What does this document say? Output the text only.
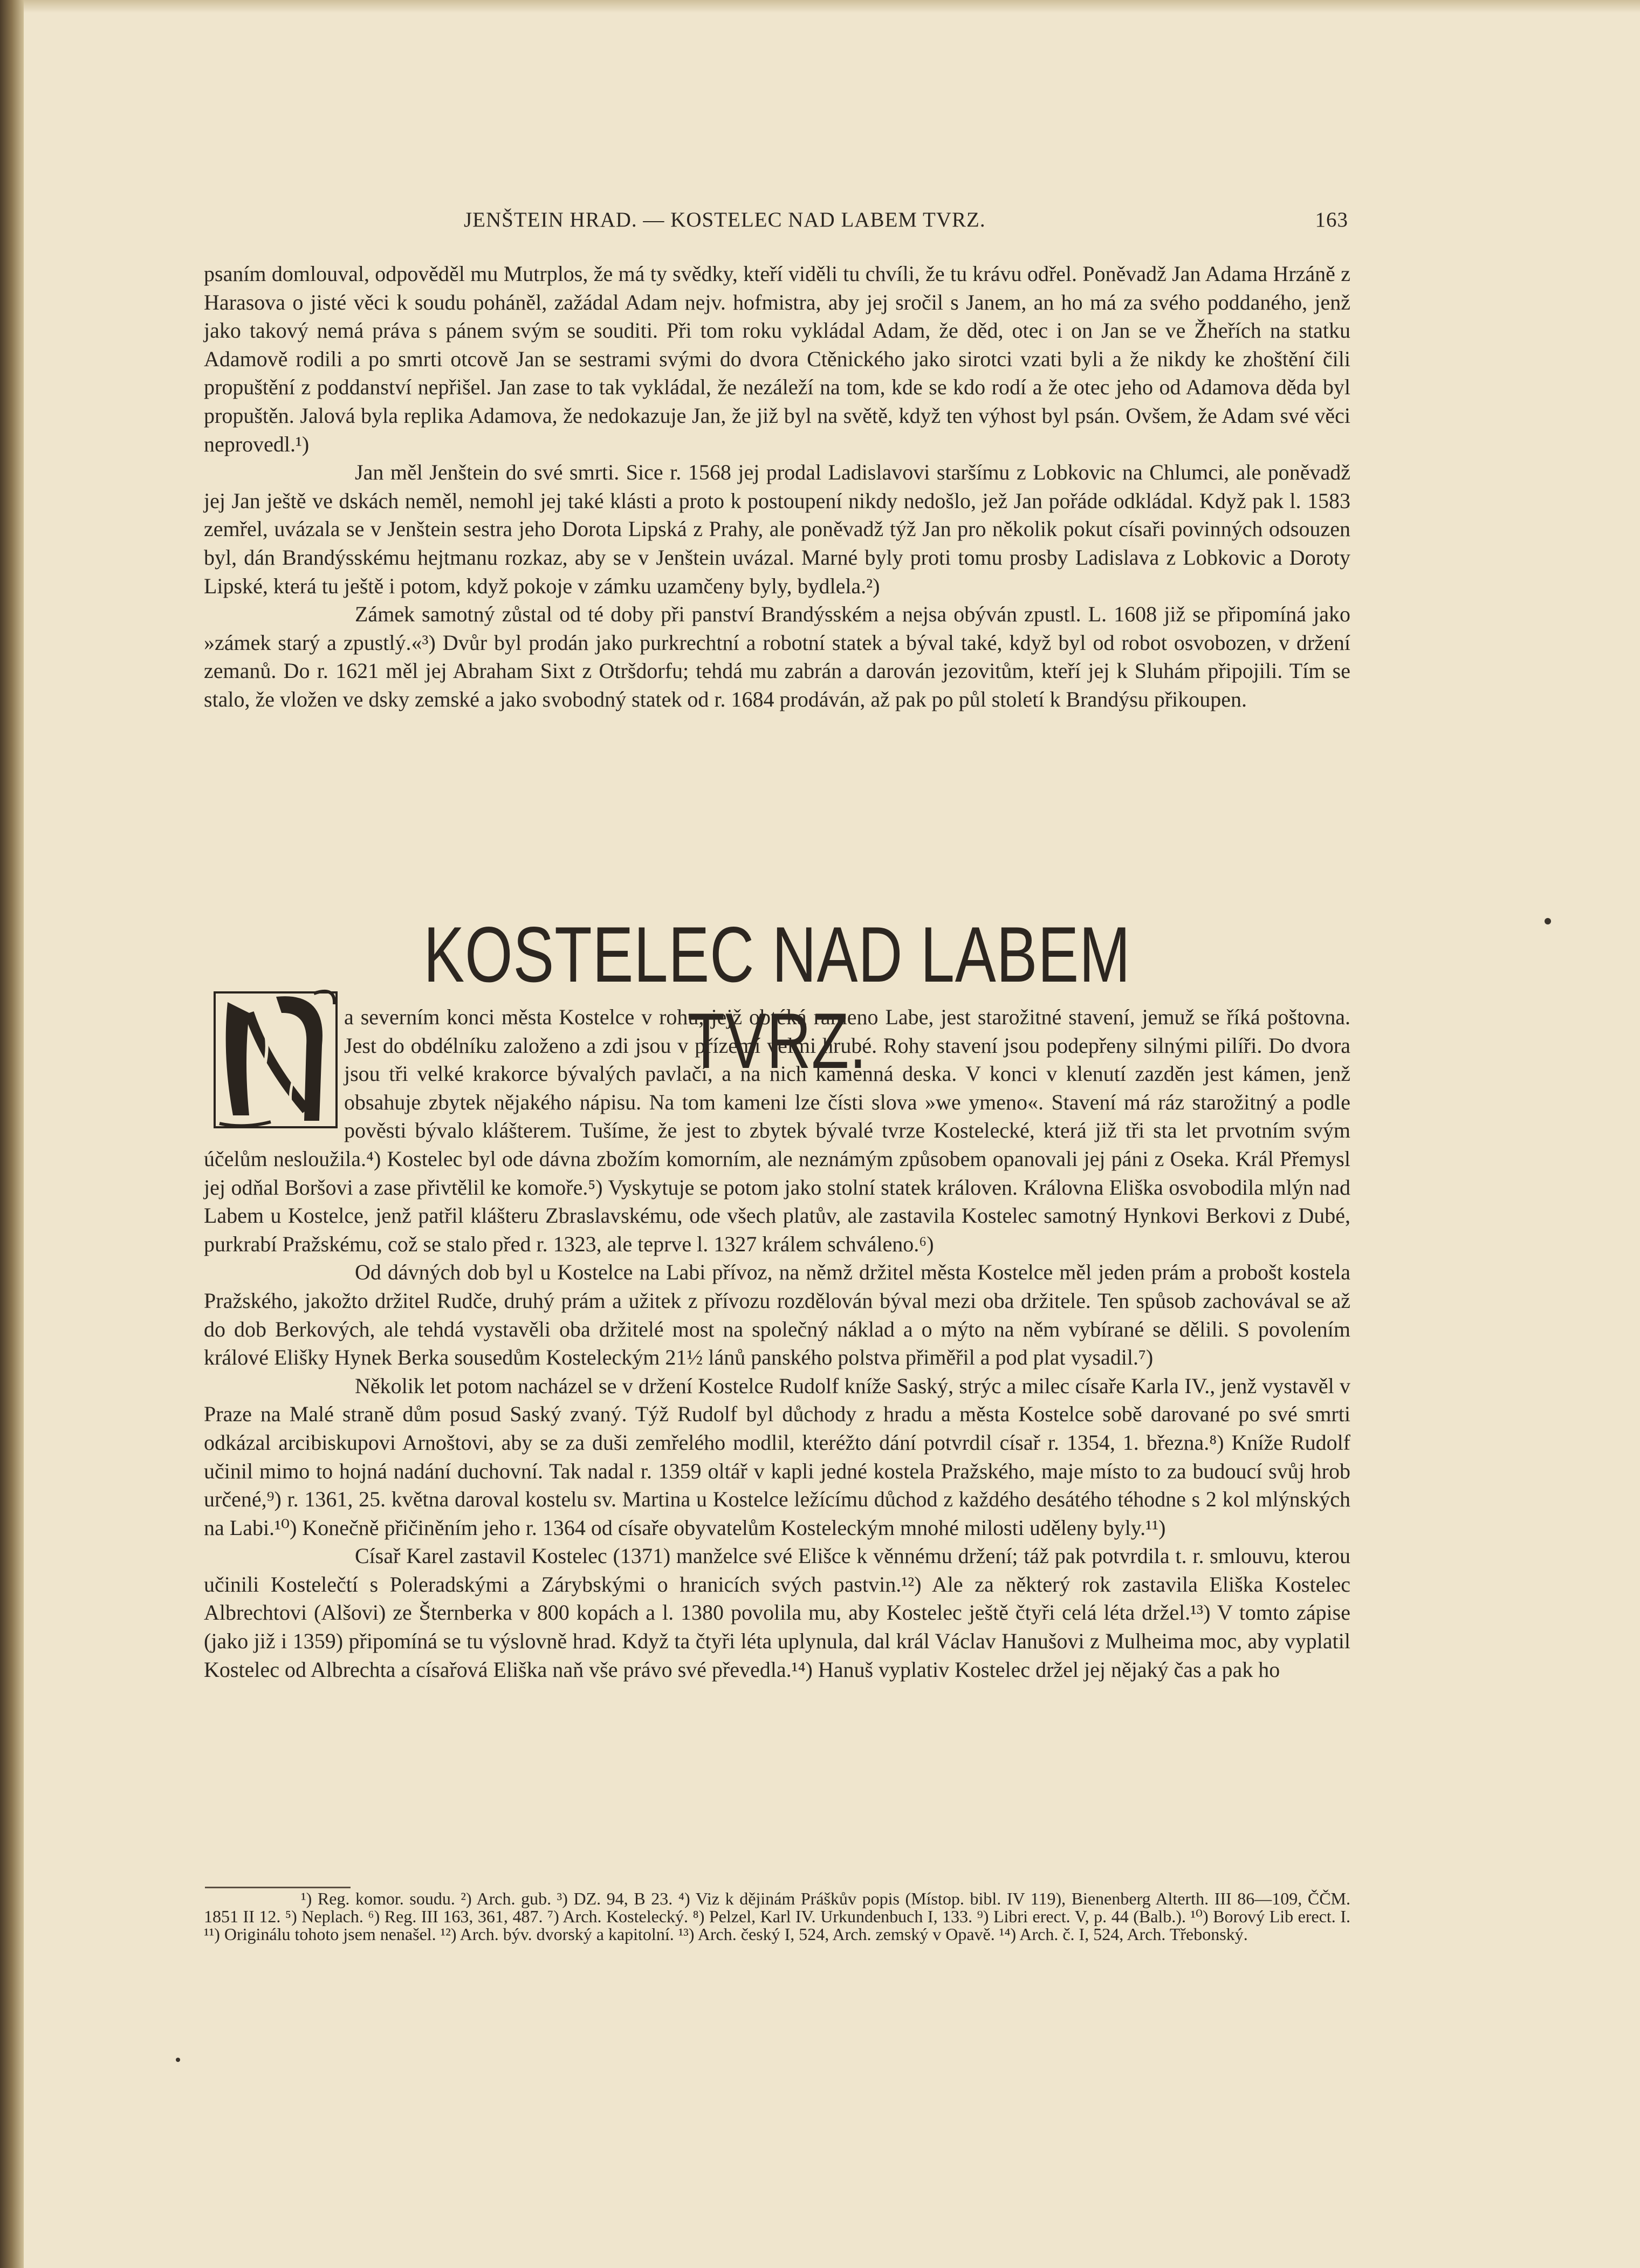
JENŠTEIN HRAD. — KOSTELEC NAD LABEM TVRZ.	163

psaním domlouval, odpověděl mu Mutrplos, že má ty svědky, kteří viděli tu chvíli, že tu krávu odřel. Poněvadž Jan Adama Hrzáně z Harasova o jisté věci k soudu poháněl, zažádal Adam nejv. hofmistra, aby jej sročil s Janem, an ho má za svého poddaného, jenž jako takový nemá práva s pánem svým se souditi. Při tom roku vykládal Adam, že děd, otec i on Jan se ve Žheřích na statku Adamově rodili a po smrti otcově Jan se sestrami svými do dvora Ctěnického jako sirotci vzati byli a že nikdy ke zhoštění čili propuštění z poddanství nepřišel. Jan zase to tak vykládal, že nezáleží na tom, kde se kdo rodí a že otec jeho od Adamova děda byl propuštěn. Jalová byla replika Adamova, že nedokazuje Jan, že již byl na světě, když ten výhost byl psán. Ovšem, že Adam své věci neprovedl.¹)

Jan měl Jenštein do své smrti. Sice r. 1568 jej prodal Ladislavovi staršímu z Lobkovic na Chlumci, ale poněvadž jej Jan ještě ve dskách neměl, nemohl jej také klásti a proto k postoupení nikdy nedošlo, jež Jan pořáde odkládal. Když pak l. 1583 zemřel, uvázala se v Jenštein sestra jeho Dorota Lipská z Prahy, ale poněvadž týž Jan pro několik pokut císaři povinných odsouzen byl, dán Brandýsskému hejtmanu rozkaz, aby se v Jenštein uvázal. Marné byly proti tomu prosby Ladislava z Lobkovic a Doroty Lipské, která tu ještě i potom, když pokoje v zámku uzamčeny byly, bydlela.²)

Zámek samotný zůstal od té doby při panství Brandýsském a nejsa obýván zpustl. L. 1608 již se připomíná jako »zámek starý a zpustlý.«³) Dvůr byl prodán jako purkrechtní a robotní statek a býval také, když byl od robot osvobozen, v držení zemanů. Do r. 1621 měl jej Abraham Sixt z Otršdorfu; tehdá mu zabrán a darován jezovitům, kteří jej k Sluhám připojili. Tím se stalo, že vložen ve dsky zemské a jako svobodný statek od r. 1684 prodáván, až pak po půl století k Brandýsu přikoupen.

KOSTELEC NAD LABEM TVRZ.

a severním konci města Kostelce v rohu, jejž obtéká rameno Labe, jest starožitné stavení, jemuž se říká poštovna. Jest do obdélníku založeno a zdi jsou v přízemí velmi hrubé. Rohy stavení jsou podepřeny silnými pilíři. Do dvora jsou tři velké krakorce bývalých pavlačí, a na nich kamenná deska. V konci v klenutí zazděn jest kámen, jenž obsahuje zbytek nějakého nápisu. Na tom kameni lze čísti slova »we ymeno«. Stavení má ráz starožitný a podle pověsti bývalo klášterem. Tušíme, že jest to zbytek bývalé tvrze Kostelecké, která již tři sta let prvotním svým účelům nesloužila.⁴) Kostelec byl ode dávna zbožím komorním, ale neznámým způsobem opanovali jej páni z Oseka. Král Přemysl jej odňal Boršovi a zase přivtělil ke komoře.⁵) Vyskytuje se potom jako stolní statek královen. Královna Eliška osvobodila mlýn nad Labem u Kostelce, jenž patřil klášteru Zbraslavskému, ode všech platův, ale zastavila Kostelec samotný Hynkovi Berkovi z Dubé, purkrabí Pražskému, což se stalo před r. 1323, ale teprve l. 1327 králem schváleno.⁶)

Od dávných dob byl u Kostelce na Labi přívoz, na němž držitel města Kostelce měl jeden prám a probošt kostela Pražského, jakožto držitel Rudče, druhý prám a užitek z přívozu rozdělován býval mezi oba držitele. Ten spůsob zachovával se až do dob Berkových, ale tehdá vystavěli oba držitelé most na společný náklad a o mýto na něm vybírané se dělili. S povolením králové Elišky Hynek Berka sousedům Kosteleckým 21½ lánů panského polstva přiměřil a pod plat vysadil.⁷)

Několik let potom nacházel se v držení Kostelce Rudolf kníže Saský, strýc a milec císaře Karla IV., jenž vystavěl v Praze na Malé straně dům posud Saský zvaný. Týž Rudolf byl důchody z hradu a města Kostelce sobě darované po své smrti odkázal arcibiskupovi Arnoštovi, aby se za duši zemřelého modlil, kteréžto dání potvrdil císař r. 1354, 1. března.⁸) Kníže Rudolf učinil mimo to hojná nadání duchovní. Tak nadal r. 1359 oltář v kapli jedné kostela Pražského, maje místo to za budoucí svůj hrob určené,⁹) r. 1361, 25. května daroval kostelu sv. Martina u Kostelce ležícímu důchod z každého desátého téhodne s 2 kol mlýnských na Labi.¹⁰) Konečně přičiněním jeho r. 1364 od císaře obyvatelům Kosteleckým mnohé milosti uděleny byly.¹¹)

Císař Karel zastavil Kostelec (1371) manželce své Elišce k věnnému držení; táž pak potvrdila t. r. smlouvu, kterou učinili Kostelečtí s Poleradskými a Zárybskými o hranicích svých pastvin.¹²) Ale za některý rok zastavila Eliška Kostelec Albrechtovi (Alšovi) ze Šternberka v 800 kopách a l. 1380 povolila mu, aby Kostelec ještě čtyři celá léta držel.¹³) V tomto zápise (jako již i 1359) připomíná se tu výslovně hrad. Když ta čtyři léta uplynula, dal král Václav Hanušovi z Mulheima moc, aby vyplatil Kostelec od Albrechta a císařová Eliška naň vše právo své převedla.¹⁴) Hanuš vyplativ Kostelec držel jej nějaký čas a pak ho

¹) Reg. komor. soudu. ²) Arch. gub. ³) DZ. 94, B 23. ⁴) Viz k dějinám Práškův popis (Místop. bibl. IV 119), Bienenberg Alterth. III 86—109, ČČM. 1851 II 12. ⁵) Neplach. ⁶) Reg. III 163, 361, 487. ⁷) Arch. Kostelecký. ⁸) Pelzel, Karl IV. Urkundenbuch I, 133. ⁹) Libri erect. V, p. 44 (Balb.). ¹⁰) Borový Lib erect. I. ¹¹) Originálu tohoto jsem nenašel. ¹²) Arch. býv. dvorský a kapitolní. ¹³) Arch. český I, 524, Arch. zemský v Opavě. ¹⁴) Arch. č. I, 524, Arch. Třebonský.
